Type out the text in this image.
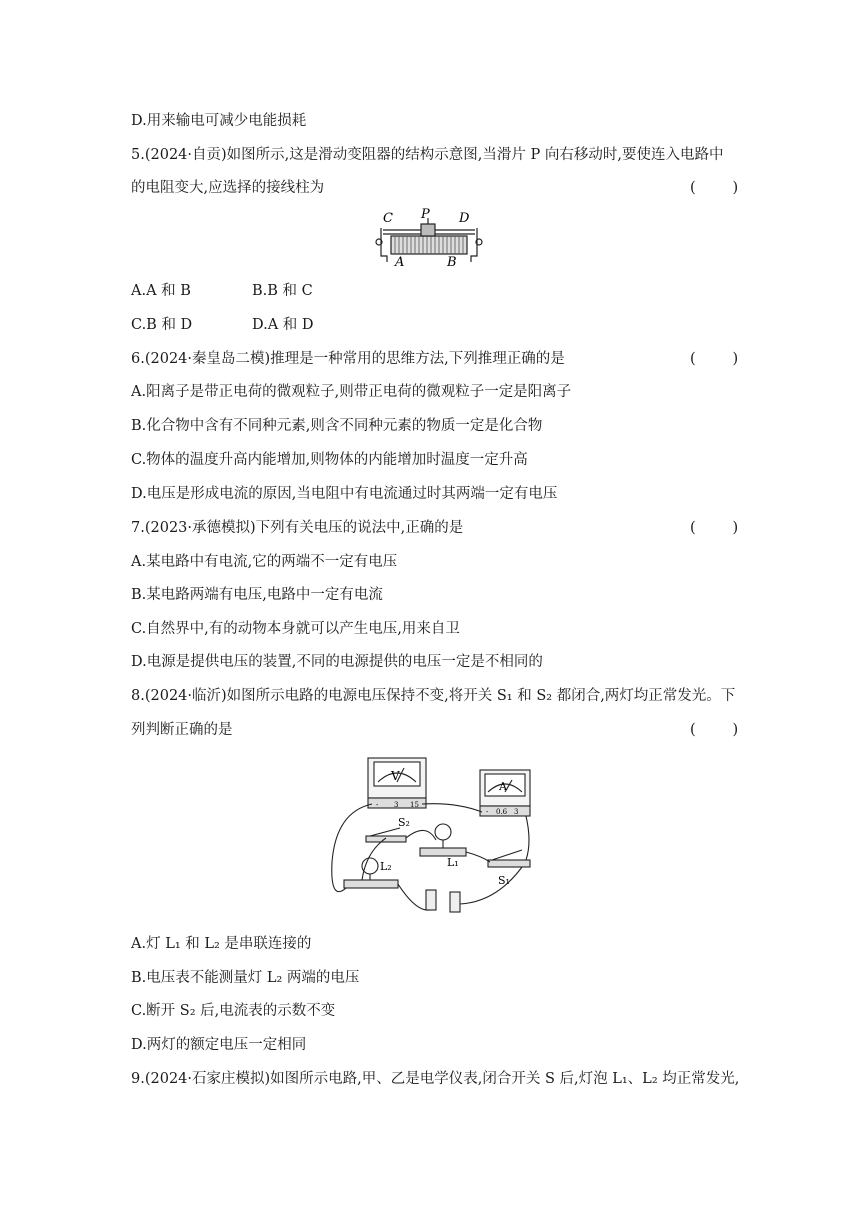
D.用来输电可减少电能损耗
5.(2024·自贡)如图所示,这是滑动变阻器的结构示意图,当滑片 P 向右移动时,要使连入电路中
的电阻变大,应选择的接线柱为	(        )
C P D
A	B
A.A 和 B	B.B 和 C
C.B 和 D	D.A 和 D
6.(2024·秦皇岛二模)推理是一种常用的思维方法,下列推理正确的是	(        )
A.阳离子是带正电荷的微观粒子,则带正电荷的微观粒子一定是阳离子
B.化合物中含有不同种元素,则含不同种元素的物质一定是化合物
C.物体的温度升高内能增加,则物体的内能增加时温度一定升高
D.电压是形成电流的原因,当电阻中有电流通过时其两端一定有电压
7.(2023·承德模拟)下列有关电压的说法中,正确的是	(        )
A.某电路中有电流,它的两端不一定有电压
B.某电路两端有电压,电路中一定有电流
C.自然界中,有的动物本身就可以产生电压,用来自卫
D.电源是提供电压的装置,不同的电源提供的电压一定是不相同的
8.(2024·临沂)如图所示电路的电源电压保持不变,将开关 S₁ 和 S₂ 都闭合,两灯均正常发光。下
列判断正确的是	(        )
V
A
- 3 15
- 0.6 3
S₂
L₁
S₁
L₂
A.灯 L₁ 和 L₂ 是串联连接的
B.电压表不能测量灯 L₂ 两端的电压
C.断开 S₂ 后,电流表的示数不变
D.两灯的额定电压一定相同
9.(2024·石家庄模拟)如图所示电路,甲、乙是电学仪表,闭合开关 S 后,灯泡 L₁、L₂ 均正常发光,
